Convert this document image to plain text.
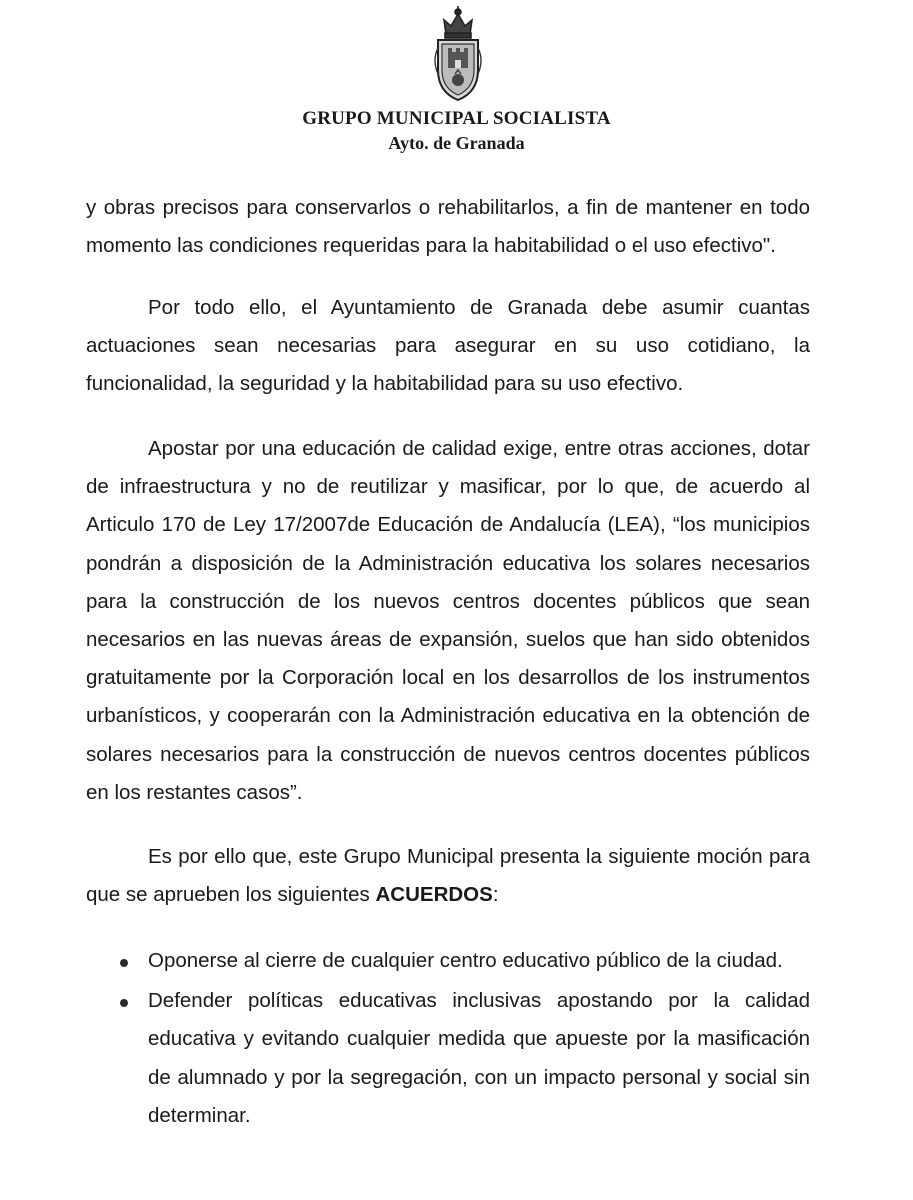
GRUPO MUNICIPAL SOCIALISTA
Ayto. de Granada

y obras precisos para conservarlos o rehabilitarlos, a fin de mantener en todo momento las condiciones requeridas para la habitabilidad o el uso efectivo".

Por todo ello, el Ayuntamiento de Granada debe asumir cuantas actuaciones sean necesarias para asegurar en su uso cotidiano, la funcionalidad, la seguridad y la habitabilidad para su uso efectivo.

Apostar por una educación de calidad exige, entre otras acciones, dotar de infraestructura y no de reutilizar y masificar, por lo que, de acuerdo al Articulo 170 de Ley 17/2007de Educación de Andalucía (LEA), “los municipios pondrán a disposición de la Administración educativa los solares necesarios para la construcción de los nuevos centros docentes públicos que sean necesarios en las nuevas áreas de expansión, suelos que han sido obtenidos gratuitamente por la Corporación local en los desarrollos de los instrumentos urbanísticos, y cooperarán con la Administración educativa en la obtención de solares necesarios para la construcción de nuevos centros docentes públicos en los restantes casos”.

Es por ello que, este Grupo Municipal presenta la siguiente moción para que se aprueben los siguientes ACUERDOS:

Oponerse al cierre de cualquier centro educativo público de la ciudad.
Defender políticas educativas inclusivas apostando por la calidad educativa y evitando cualquier medida que apueste por la masificación de alumnado y por la segregación, con un impacto personal y social sin determinar.
